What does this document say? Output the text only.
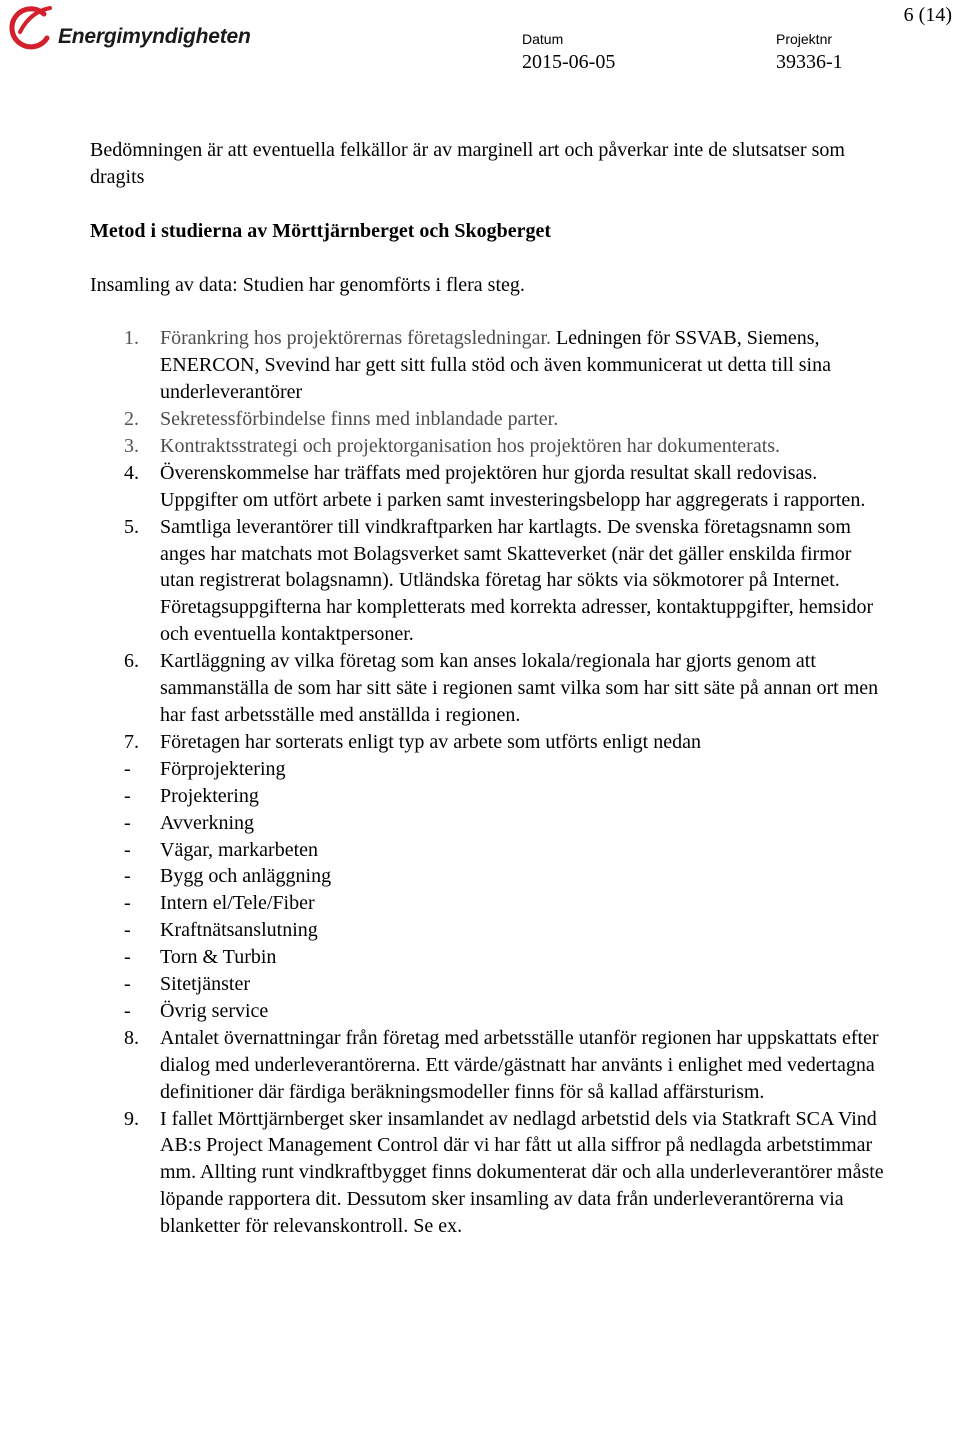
Energimyndigheten	Datum
2015-06-05
Projektnr
39336-1
6 (14)

Bedömningen är att eventuella felkällor är av marginell art och påverkar inte de slutsatser som dragits

Metod i studierna av Mörttjärnberget och Skogberget

Insamling av data: Studien har genomförts i flera steg.

1. Förankring hos projektörernas företagsledningar. Ledningen för SSVAB, Siemens, ENERCON, Svevind har gett sitt fulla stöd och även kommunicerat ut detta till sina underleverantörer
2. Sekretessförbindelse finns med inblandade parter.
3. Kontraktsstrategi och projektorganisation hos projektören har dokumenterats.
4. Överenskommelse har träffats med projektören hur gjorda resultat skall redovisas. Uppgifter om utfört arbete i parken samt investeringsbelopp har aggregerats i rapporten.
5. Samtliga leverantörer till vindkraftparken har kartlagts. De svenska företagsnamn som anges har matchats mot Bolagsverket samt Skatteverket (när det gäller enskilda firmor utan registrerat bolagsnamn). Utländska företag har sökts via sökmotorer på Internet. Företagsuppgifterna har kompletterats med korrekta adresser, kontaktuppgifter, hemsidor och eventuella kontaktpersoner.
6. Kartläggning av vilka företag som kan anses lokala/regionala har gjorts genom att sammanställa de som har sitt säte i regionen samt vilka som har sitt säte på annan ort men har fast arbetsställe med anställda i regionen.
7. Företagen har sorterats enligt typ av arbete som utförts enligt nedan
- Förprojektering
- Projektering
- Avverkning
- Vägar, markarbeten
- Bygg och anläggning
- Intern el/Tele/Fiber
- Kraftnätsanslutning
- Torn & Turbin
- Sitetjänster
- Övrig service
8. Antalet övernattningar från företag med arbetsställe utanför regionen har uppskattats efter dialog med underleverantörerna. Ett värde/gästnatt har använts i enlighet med vedertagna definitioner där färdiga beräkningsmodeller finns för så kallad affärsturism.
9. I fallet Mörttjärnberget sker insamlandet av nedlagd arbetstid dels via Statkraft SCA Vind AB:s Project Management Control där vi har fått ut alla siffror på nedlagda arbetstimmar mm. Allting runt vindkraftbygget finns dokumenterat där och alla underleverantörer måste löpande rapportera dit. Dessutom sker insamling av data från underleverantörerna via blanketter för relevanskontroll. Se ex.
